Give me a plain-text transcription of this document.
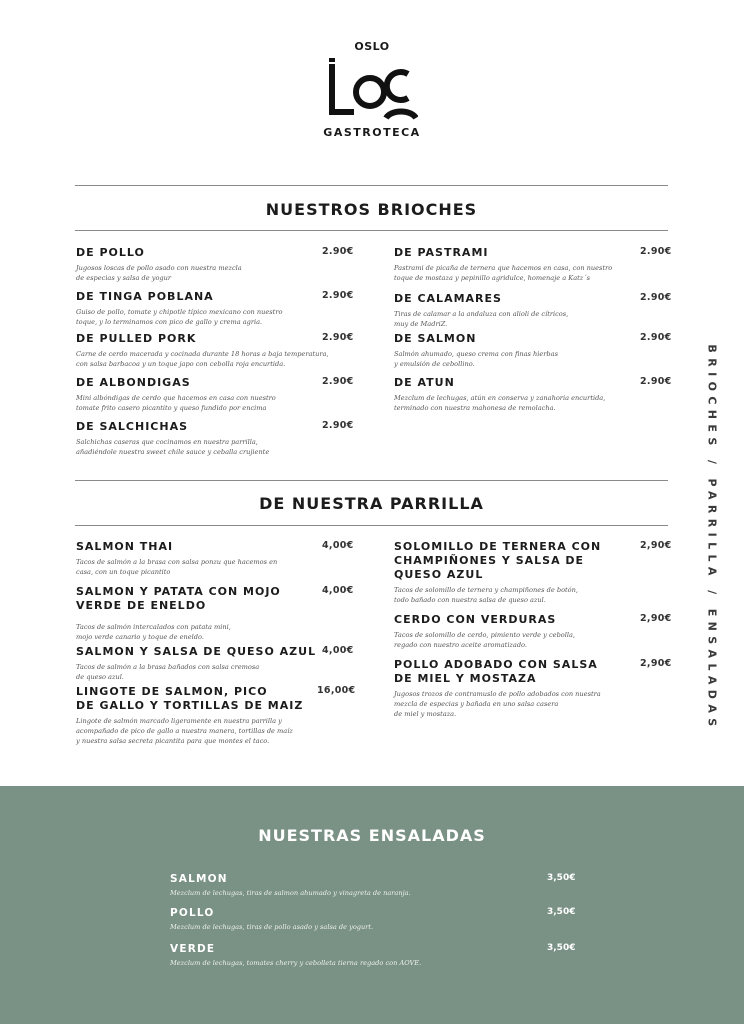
OSLO
GASTROTECA
NUESTROS BRIOCHES
DE POLLO	2.90€
Jugosos loscas de pollo asado con nuestra mezcla
de especias y salsa de yogur
DE TINGA POBLANA	2.90€
Guiso de pollo, tomate y chipotle típico mexicano con nuestro
toque, y lo terminamos con pico de gallo y crema agria.
DE PULLED PORK	2.90€
Carne de cerdo macerada y cocinada durante 18 horas a baja temperatura,
con salsa barbacoa y un toque japo con cebolla roja encurtida.
DE ALBONDIGAS	2.90€
Mini albóndigas de cerdo que hacemos en casa con nuestro
tomate frito casero picantito y queso fundido por encima
DE SALCHICHAS	2.90€
Salchichas caseras que cocinamos en nuestra parrilla,
añadiéndole nuestra sweet chile sauce y ceballa crujiente
DE PASTRAMI	2.90€
Pastrami de picaña de ternera que hacemos en casa, con nuestro
toque de mostaza y pepinillo agridulce, homenaje a Katz´s
DE CALAMARES	2.90€
Tiras de calamar a la andaluza con alioli de cítricos,
muy de MadriZ.
DE SALMON	2.90€
Salmón ahumado, queso crema con finas hierbas
y emulsión de cebollino.
DE ATUN	2.90€
Mezclum de lechugas, atún en conserva y zanahoria encurtida,
terminado con nuestra mahonesa de remolacha.
DE NUESTRA PARRILLA
SALMON THAI	4,00€
Tacos de salmón a la brasa con salsa ponzu que hacemos en
casa, con un toque picantito
SALMON Y PATATA CON MOJO
VERDE DE ENELDO
4,00€
Tacos de salmón intercalados con patata mini,
mojo verde canario y toque de eneldo.
SALMON Y SALSA DE QUESO AZUL 4,00€
Tacos de salmón a la brasa bañados con salsa cremosa
de queso azul.
LINGOTE DE SALMON, PICO
DE GALLO Y TORTILLAS DE MAIZ
16,00€
Lingote de salmón marcado ligeramente en nuestra parrilla y
acompañado de pico de gallo a nuestra manera, tortillas de maíz
y nuestra salsa secreta picantita para que montes el taco.
SOLOMILLO DE TERNERA CON
CHAMPIÑONES Y SALSA DE
QUESO AZUL
2,90€
Tacos de solomillo de ternera y champiñones de botón,
todo bañado con nuestra salsa de queso azul.
CERDO CON VERDURAS	2,90€
Tacos de solomillo de cerdo, pimiento verde y cebolla,
regado con nuestro aceite aromatizado.
POLLO ADOBADO CON SALSA
DE MIEL Y MOSTAZA
2,90€
Jugosos trozos de contramuslo de pollo adobados con nuestra
mezcla de especias y bañada en uno salsa casera
de miel y mostaza.	BRIOCHES / PARRILLA / ENSALADAS
NUESTRAS ENSALADAS
SALMON	3,50€
Mezclum de lechugas, tiras de salmon ahumado y vinagreta de naranja.
POLLO	3,50€
Mezclum de lechugas, tiras de pollo asado y salsa de yogurt.
VERDE	3,50€
Mezclum de lechugas, tomates cherry y cebolleta tierna regado con AOVE.
